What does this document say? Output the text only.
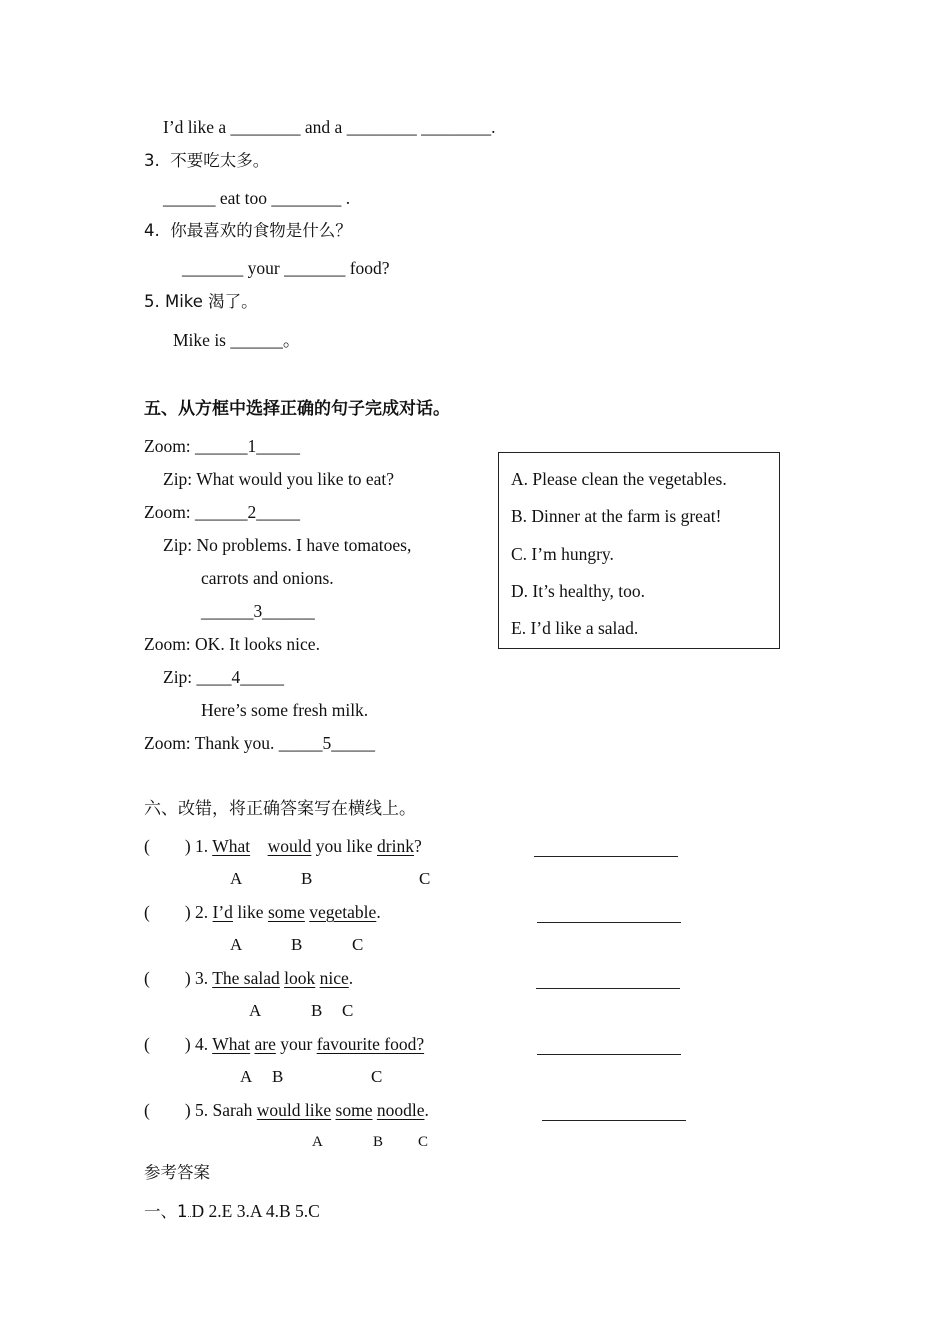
I’d like a ________ and a ________ ________.
3.  不要吃太多。
______ eat too ________ .
4.  你最喜欢的食物是什么？
_______ your _______ food?
5. Mike 渴了。
Mike is ______。
五、从方框中选择正确的句子完成对话。
Zoom: ______1_____
Zip: What would you like to eat?
Zoom: ______2_____
Zip: No problems. I have tomatoes,
carrots and onions.
______3______
Zoom: OK. It looks nice.
Zip: ____4_____
Here’s some fresh milk.
Zoom: Thank you. _____5_____
A. Please clean the vegetables.
B. Dinner at the farm is great!
C. I’m hungry.
D. It’s healthy, too.
E. I’d like a salad.
六、改错，将正确答案写在横线上。
(        ) 1. What would you like drink?
A	B	C
(        ) 2. I’d like some vegetable.
A	B	C
(        ) 3. The salad look nice.
A	B C
(        ) 4. What are your favourite food?
A B	C
(        ) 5. Sarah would like some noodle.
A	B C
参考答案
一、1..D 2.E 3.A 4.B 5.C
